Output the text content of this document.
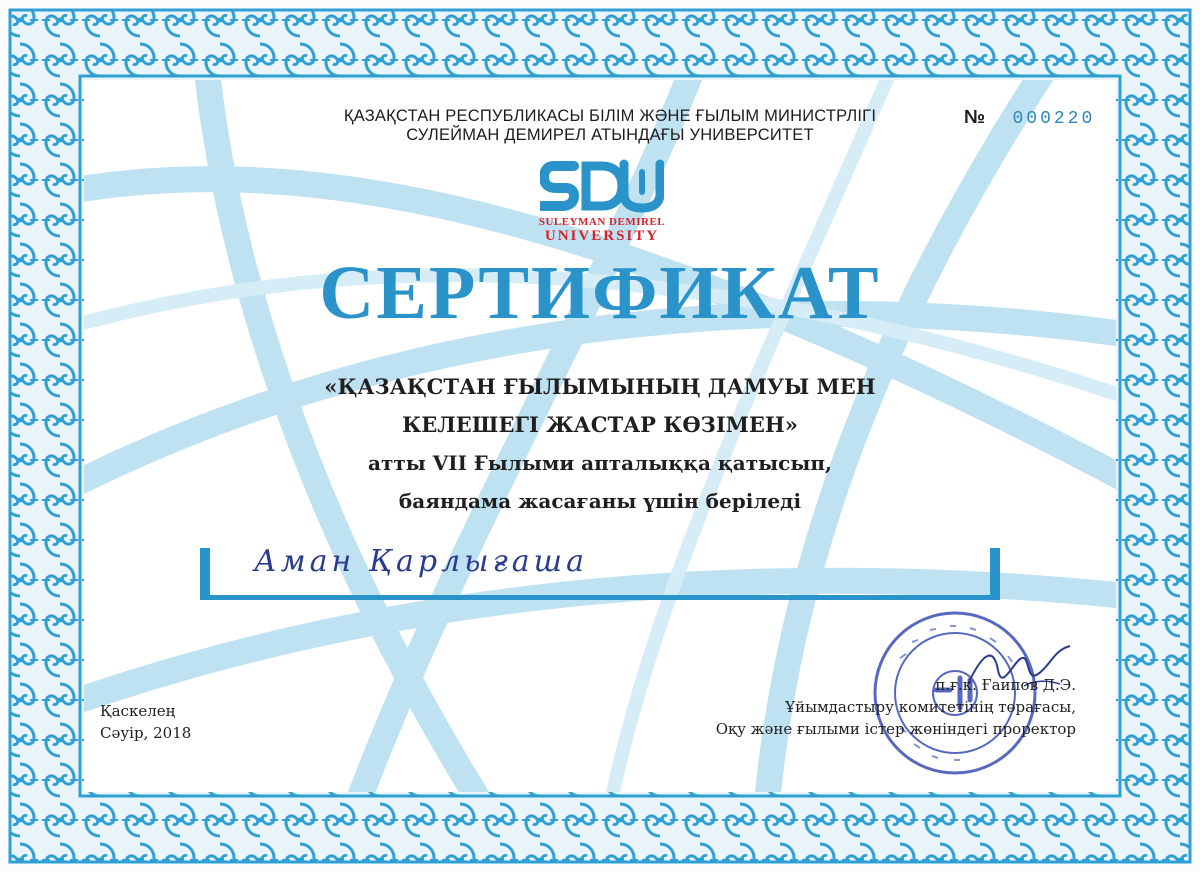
ҚАЗАҚСТАН РЕСПУБЛИКАСЫ БІЛІМ ЖӘНЕ ҒЫЛЫМ МИНИСТРЛІГІ
СУЛЕЙМАН ДЕМИРЕЛ АТЫНДАҒЫ УНИВЕРСИТЕТ
№ 000220
SULEYMAN DEMIREL
UNIVERSITY
СЕРТИФИКАТ
«ҚАЗАҚСТАН ҒЫЛЫМЫНЫҢ ДАМУЫ МЕН
КЕЛЕШЕГІ ЖАСТАР КӨЗІМЕН»
атты VII Ғылыми апталыққа қатысып,
баяндама жасағаны үшін беріледі
Аман Қарлығаша
Қаскелең
Сәуір, 2018
п.ғ.к. Ғаипов Д.Э.
Ұйымдастыру комитетінің төрағасы,
Оқу және ғылыми істер жөніндегі проректор
